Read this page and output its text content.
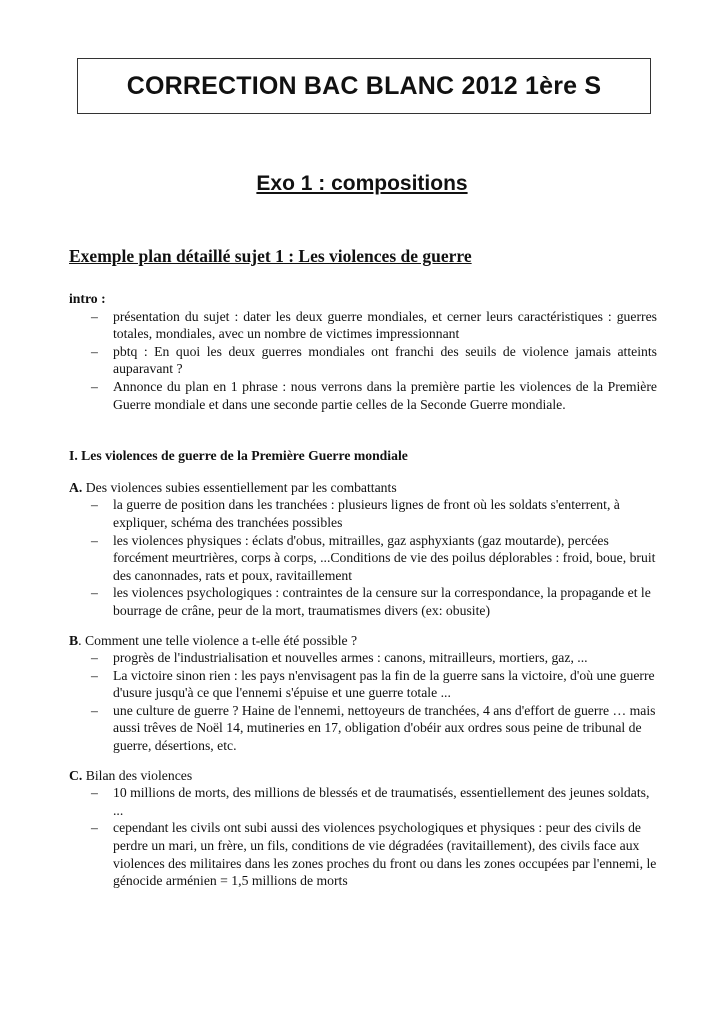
CORRECTION BAC BLANC 2012 1ère S
Exo 1 : compositions
Exemple plan détaillé sujet 1 : Les violences de guerre

intro :

– présentation du sujet : dater les deux guerre mondiales, et cerner leurs caractéristiques : guerres totales, mondiales, avec un nombre de victimes impressionnant
– pbtq : En quoi les deux guerres mondiales ont franchi des seuils de violence jamais atteints auparavant ?
– Annonce du plan en 1 phrase : nous verrons dans la première partie les violences de la Première Guerre mondiale et dans une seconde partie celles de la Seconde Guerre mondiale.

I. Les violences de guerre de la Première Guerre mondiale

A. Des violences subies essentiellement par les combattants

– la guerre de position dans les tranchées : plusieurs lignes de front où les soldats s'enterrent, à expliquer, schéma des tranchées possibles
– les violences physiques : éclats d'obus, mitrailles, gaz asphyxiants (gaz moutarde), percées forcément meurtrières, corps à corps, ...Conditions de vie des poilus déplorables : froid, boue, bruit des canonnades, rats et poux, ravitaillement
– les violences psychologiques : contraintes de la censure sur la correspondance, la propagande et le bourrage de crâne, peur de la mort, traumatismes divers (ex: obusite)

B. Comment une telle violence a t-elle été possible ?

– progrès de l'industrialisation et nouvelles armes : canons, mitrailleurs, mortiers, gaz, ...
– La victoire sinon rien : les pays n'envisagent pas la fin de la guerre sans la victoire, d'où une guerre d'usure jusqu'à ce que l'ennemi s'épuise et une guerre totale ...
– une culture de guerre ? Haine de l'ennemi, nettoyeurs de tranchées, 4 ans d'effort de guerre … mais aussi trêves de Noël 14, mutineries en 17, obligation d'obéir aux ordres sous peine de tribunal de guerre, désertions, etc.

C. Bilan des violences

– 10 millions de morts, des millions de blessés et de traumatisés, essentiellement des jeunes soldats, ...
– cependant les civils ont subi aussi des violences psychologiques et physiques : peur des civils de perdre un mari, un frère, un fils, conditions de vie dégradées (ravitaillement), des civils face aux violences des militaires dans les zones proches du front ou dans les zones occupées par l'ennemi, le génocide arménien = 1,5 millions de morts
